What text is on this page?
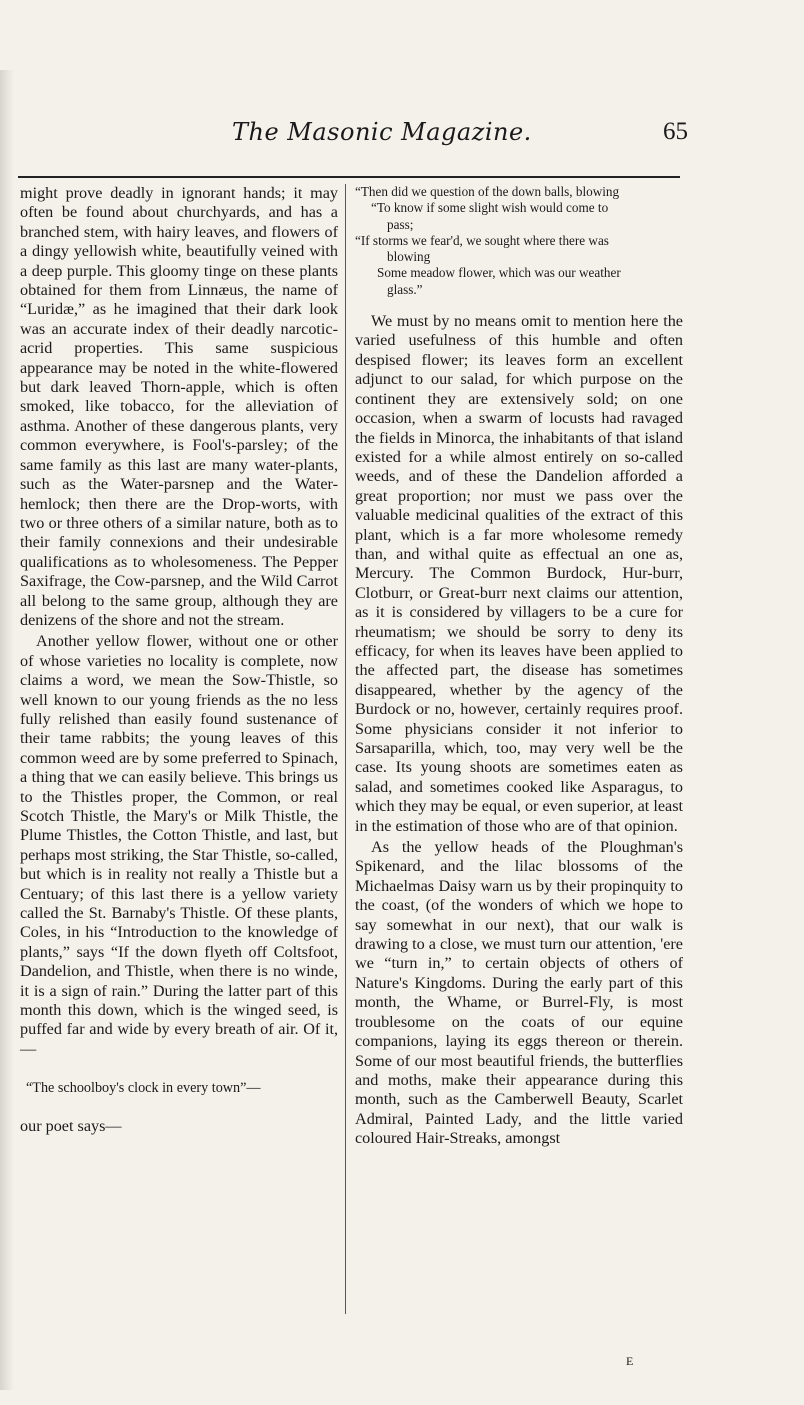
The Masonic Magazine.	65

might prove deadly in ignorant hands; it may often be found about churchyards, and has a branched stem, with hairy leaves, and flowers of a dingy yellowish white, beautifully veined with a deep purple. This gloomy tinge on these plants obtained for them from Linnæus, the name of “Luridæ,” as he imagined that their dark look was an accurate index of their deadly narcotic-acrid properties. This same suspicious appearance may be noted in the white-flowered but dark leaved Thorn-apple, which is often smoked, like tobacco, for the alleviation of asthma. Another of these dangerous plants, very common everywhere, is Fool's-parsley; of the same family as this last are many water-plants, such as the Water-parsnep and the Water-hemlock; then there are the Drop-worts, with two or three others of a similar nature, both as to their family connexions and their undesirable qualifications as to wholesomeness. The Pepper Saxifrage, the Cow-parsnep, and the Wild Carrot all belong to the same group, although they are denizens of the shore and not the stream.

Another yellow flower, without one or other of whose varieties no locality is complete, now claims a word, we mean the Sow-Thistle, so well known to our young friends as the no less fully relished than easily found sustenance of their tame rabbits; the young leaves of this common weed are by some preferred to Spinach, a thing that we can easily believe. This brings us to the Thistles proper, the Common, or real Scotch Thistle, the Mary's or Milk Thistle, the Plume Thistles, the Cotton Thistle, and last, but perhaps most striking, the Star Thistle, so-called, but which is in reality not really a Thistle but a Centuary; of this last there is a yellow variety called the St. Barnaby's Thistle. Of these plants, Coles, in his “Introduction to the knowledge of plants,” says “If the down flyeth off Coltsfoot, Dandelion, and Thistle, when there is no winde, it is a sign of rain.” During the latter part of this month this down, which is the winged seed, is puffed far and wide by every breath of air. Of it,—

“The schoolboy's clock in every town”—

our poet says—

“Then did we question of the down balls, blowing
“To know if some slight wish would come to
pass;
“If storms we fear'd, we sought where there was
blowing
Some meadow flower, which was our weather
glass.”

We must by no means omit to mention here the varied usefulness of this humble and often despised flower; its leaves form an excellent adjunct to our salad, for which purpose on the continent they are extensively sold; on one occasion, when a swarm of locusts had ravaged the fields in Minorca, the inhabitants of that island existed for a while almost entirely on so-called weeds, and of these the Dandelion afforded a great proportion; nor must we pass over the valuable medicinal qualities of the extract of this plant, which is a far more wholesome remedy than, and withal quite as effectual an one as, Mercury. The Common Burdock, Hur-burr, Clotburr, or Great-burr next claims our attention, as it is considered by villagers to be a cure for rheumatism; we should be sorry to deny its efficacy, for when its leaves have been applied to the affected part, the disease has sometimes disappeared, whether by the agency of the Burdock or no, however, certainly requires proof. Some physicians consider it not inferior to Sarsaparilla, which, too, may very well be the case. Its young shoots are sometimes eaten as salad, and sometimes cooked like Asparagus, to which they may be equal, or even superior, at least in the estimation of those who are of that opinion.

As the yellow heads of the Ploughman's Spikenard, and the lilac blossoms of the Michaelmas Daisy warn us by their propinquity to the coast, (of the wonders of which we hope to say somewhat in our next), that our walk is drawing to a close, we must turn our attention, 'ere we “turn in,” to certain objects of others of Nature's Kingdoms. During the early part of this month, the Whame, or Burrel-Fly, is most troublesome on the coats of our equine companions, laying its eggs thereon or therein. Some of our most beautiful friends, the butterflies and moths, make their appearance during this month, such as the Camberwell Beauty, Scarlet Admiral, Painted Lady, and the little varied coloured Hair-Streaks, amongst

E
